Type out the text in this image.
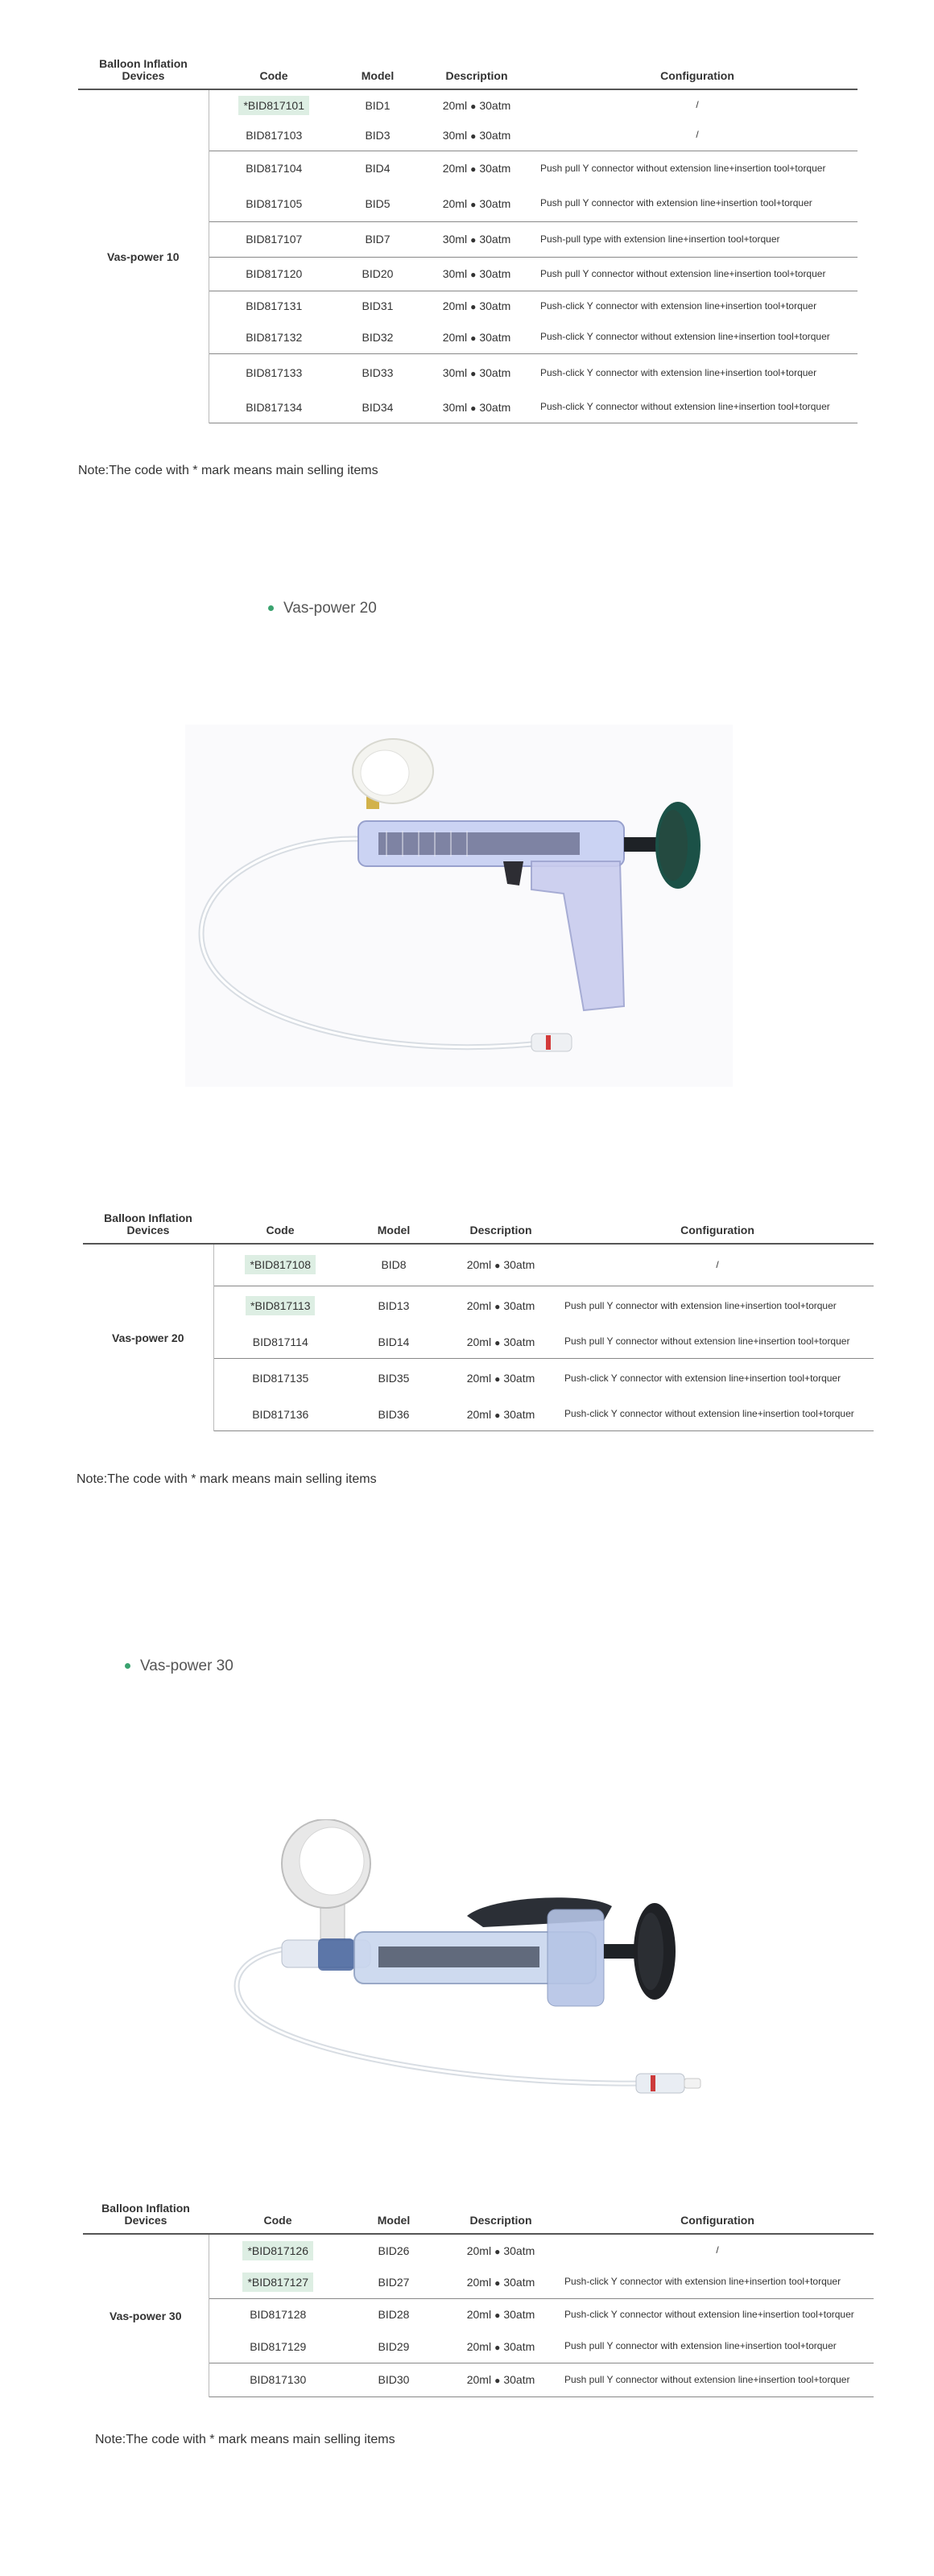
Balloon Inflation Devices	Code	Model	Description	Configuration
Vas-power 10	*BID817101	BID1	20ml ● 30atm	/
	BID817103	BID3	30ml ● 30atm	/
	BID817104	BID4	20ml ● 30atm	Push pull Y connector without extension line+insertion tool+torquer
	BID817105	BID5	20ml ● 30atm	Push pull Y connector with extension line+insertion tool+torquer
	BID817107	BID7	30ml ● 30atm	Push-pull type with extension line+insertion tool+torquer
	BID817120	BID20	30ml ● 30atm	Push pull Y connector without extension line+insertion tool+torquer
	BID817131	BID31	20ml ● 30atm	Push-click Y connector with extension line+insertion tool+torquer
	BID817132	BID32	20ml ● 30atm	Push-click Y connector without extension line+insertion tool+torquer
	BID817133	BID33	30ml ● 30atm	Push-click Y connector with extension line+insertion tool+torquer
	BID817134	BID34	30ml ● 30atm	Push-click Y connector without extension line+insertion tool+torquer
Note:The code with * mark means main selling items
Vas-power 20
Balloon Inflation Devices	Code	Model	Description	Configuration
Vas-power 20	*BID817108	BID8	20ml ● 30atm	/
	*BID817113	BID13	20ml ● 30atm	Push pull Y connector with extension line+insertion tool+torquer
	BID817114	BID14	20ml ● 30atm	Push pull Y connector without extension line+insertion tool+torquer
	BID817135	BID35	20ml ● 30atm	Push-click Y connector with extension line+insertion tool+torquer
	BID817136	BID36	20ml ● 30atm	Push-click Y connector without extension line+insertion tool+torquer
Note:The code with * mark means main selling items
Vas-power 30
Balloon Inflation Devices	Code	Model	Description	Configuration
Vas-power 30	*BID817126	BID26	20ml ● 30atm	/
	*BID817127	BID27	20ml ● 30atm	Push-click Y connector with extension line+insertion tool+torquer
	BID817128	BID28	20ml ● 30atm	Push-click Y connector without extension line+insertion tool+torquer
	BID817129	BID29	20ml ● 30atm	Push pull Y connector with extension line+insertion tool+torquer
	BID817130	BID30	20ml ● 30atm	Push pull Y connector without extension line+insertion tool+torquer
Note:The code with * mark means main selling items
